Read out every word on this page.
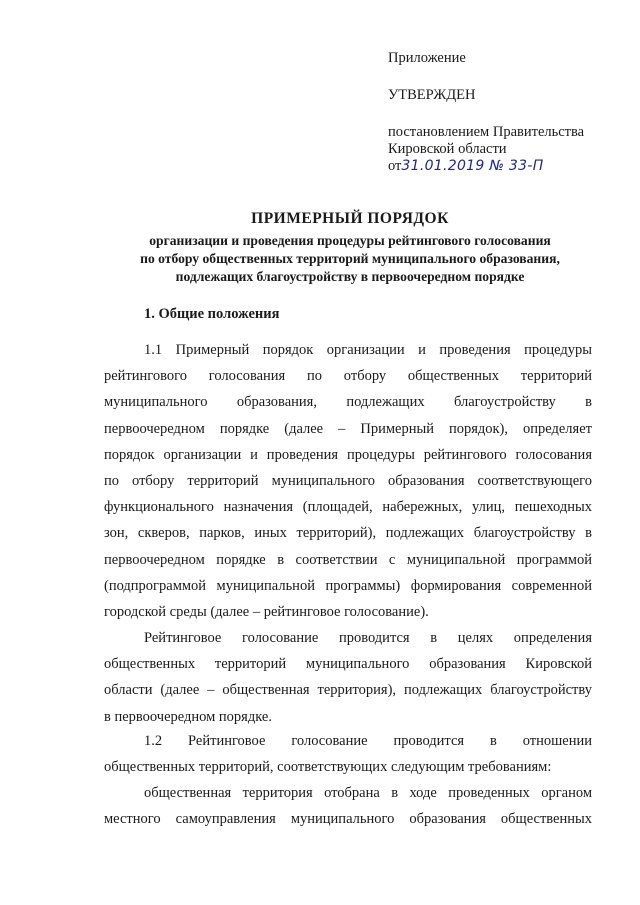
Приложение
УТВЕРЖДЕН
постановлением Правительства
Кировской области
от31.01.2019 № 33-П
ПРИМЕРНЫЙ ПОРЯДОК
организации и проведения процедуры рейтингового голосования
по отбору общественных территорий муниципального образования,
подлежащих благоустройству в первоочередном порядке
1. Общие положения
1.1 Примерный порядок организации и проведения процедуры
рейтингового голосования по отбору общественных территорий
муниципального образования, подлежащих благоустройству в
первоочередном порядке (далее – Примерный порядок), определяет
порядок организации и проведения процедуры рейтингового голосования
по отбору территорий муниципального образования соответствующего
функционального назначения (площадей, набережных, улиц, пешеходных
зон, скверов, парков, иных территорий), подлежащих благоустройству в
первоочередном порядке в соответствии с муниципальной программой
(подпрограммой муниципальной программы) формирования современной
городской среды (далее – рейтинговое голосование).
Рейтинговое голосование проводится в целях определения
общественных территорий муниципального образования Кировской
области (далее – общественная территория), подлежащих благоустройству
в первоочередном порядке.
1.2 Рейтинговое голосование проводится в отношении
общественных территорий, соответствующих следующим требованиям:
общественная территория отобрана в ходе проведенных органом
местного самоуправления муниципального образования общественных
